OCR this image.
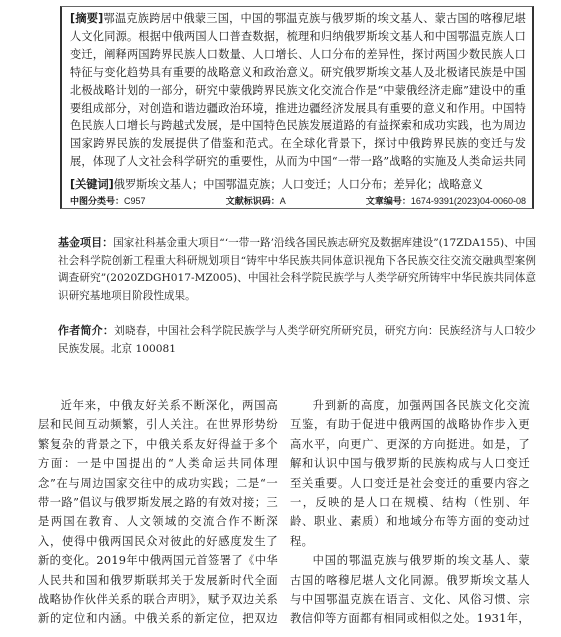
[摘要]鄂温克族跨居中俄蒙三国，中国的鄂温克族与俄罗斯的埃文基人、蒙古国的喀穆尼堪人文化同源。根据中俄两国人口普查数据，梳理和归纳俄罗斯埃文基人和中国鄂温克族人口变迁，阐释两国跨界民族人口数量、人口增长、人口分布的差异性，探讨两国少数民族人口特征与变化趋势具有重要的战略意义和政治意义。研究俄罗斯埃文基人及北极诸民族是中国北极战略计划的一部分，研究中蒙俄跨界民族文化交流合作是“中蒙俄经济走廊”建设中的重要组成部分，对创造和谐边疆政治环境，推进边疆经济发展具有重要的意义和作用。中国特色民族人口增长与跨越式发展，是中国特色民族发展道路的有益探索和成功实践，也为周边国家跨界民族的发展提供了借鉴和范式。在全球化背景下，探讨中俄跨界民族的变迁与发展，体现了人文社会科学研究的重要性，从而为中国“一带一路”战略的实施及人类命运共同
[关键词]俄罗斯埃文基人；中国鄂温克族；人口变迁；人口分布；差异化；战略意义
中图分类号：C957	文献标识码：A	文章编号：1674-9391(2023)04-0060-08
基金项目：国家社科基金重大项目“‘一带一路’沿线各国民族志研究及数据库建设”(17ZDA155)、中国社会科学院创新工程重大科研规划项目“铸牢中华民族共同体意识视角下各民族交往交流交融典型案例调查研究”(2020ZDGH017-MZ005)、中国社会科学院民族学与人类学研究所铸牢中华民族共同体意识研究基地项目阶段性成果。
作者简介：刘晓春，中国社会科学院民族学与人类学研究所研究员，研究方向：民族经济与人口较少民族发展。北京 100081

近年来，中俄友好关系不断深化，两国高层和民间互动频繁，引人关注。在世界形势纷繁复杂的背景之下，中俄关系友好得益于多个方面：一是中国提出的“人类命运共同体理念”在与周边国家交往中的成功实践；二是“一带一路”倡议与俄罗斯发展之路的有效对接；三是两国在教育、人文领域的交流合作不断深入，使得中俄两国民众对彼此的好感度发生了新的变化。2019年中俄两国元首签署了《中华人民共和国和俄罗斯联邦关于发展新时代全面战略协作伙伴关系的联合声明》，赋予双边关系新的定位和内涵。中俄关系的新定位，把双边

升到新的高度，加强两国各民族文化交流互鉴，有助于促进中俄两国的战略协作步入更高水平，向更广、更深的方向挺进。如是，了解和认识中国与俄罗斯的民族构成与人口变迁至关重要。人口变迁是社会变迁的重要内容之一，反映的是人口在规模、结构（性别、年龄、职业、素质）和地域分布等方面的变动过程。

中国的鄂温克族与俄罗斯的埃文基人、蒙古国的喀穆尼堪人文化同源。俄罗斯埃文基人与中国鄂温克族在语言、文化、风俗习惯、宗教信仰等方面都有相同或相似之处。1931年，
